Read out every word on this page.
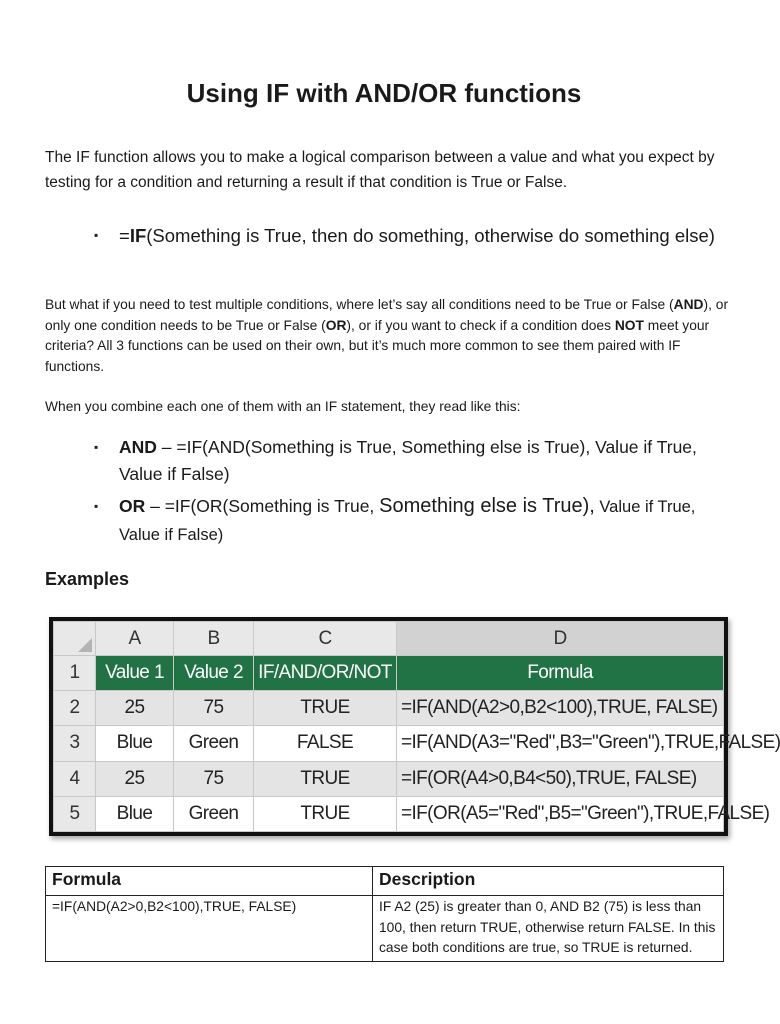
Using IF with AND/OR functions

The IF function allows you to make a logical comparison between a value and what you expect by testing for a condition and returning a result if that condition is True or False.

▪ =IF(Something is True, then do something, otherwise do something else)

But what if you need to test multiple conditions, where let’s say all conditions need to be True or False (AND), or only one condition needs to be True or False (OR), or if you want to check if a condition does NOT meet your criteria? All 3 functions can be used on their own, but it’s much more common to see them paired with IF functions.

When you combine each one of them with an IF statement, they read like this:

▪ AND – =IF(AND(Something is True, Something else is True), Value if True, Value if False)
▪ OR – =IF(OR(Something is True, Something else is True), Value if True, Value if False)
Examples
	A	B	C	D
1	Value 1	Value 2	IF/AND/OR/NOT	Formula
2	25	75	TRUE	=IF(AND(A2>0,B2<100),TRUE, FALSE)
3	Blue	Green	FALSE	=IF(AND(A3="Red",B3="Green"),TRUE,FALSE)
4	25	75	TRUE	=IF(OR(A4>0,B4<50),TRUE, FALSE)
5	Blue	Green	TRUE	=IF(OR(A5="Red",B5="Green"),TRUE,FALSE)
Formula	Description
=IF(AND(A2>0,B2<100),TRUE, FALSE)	IF A2 (25) is greater than 0, AND B2 (75) is less than 100, then return TRUE, otherwise return FALSE. In this case both conditions are true, so TRUE is returned.
